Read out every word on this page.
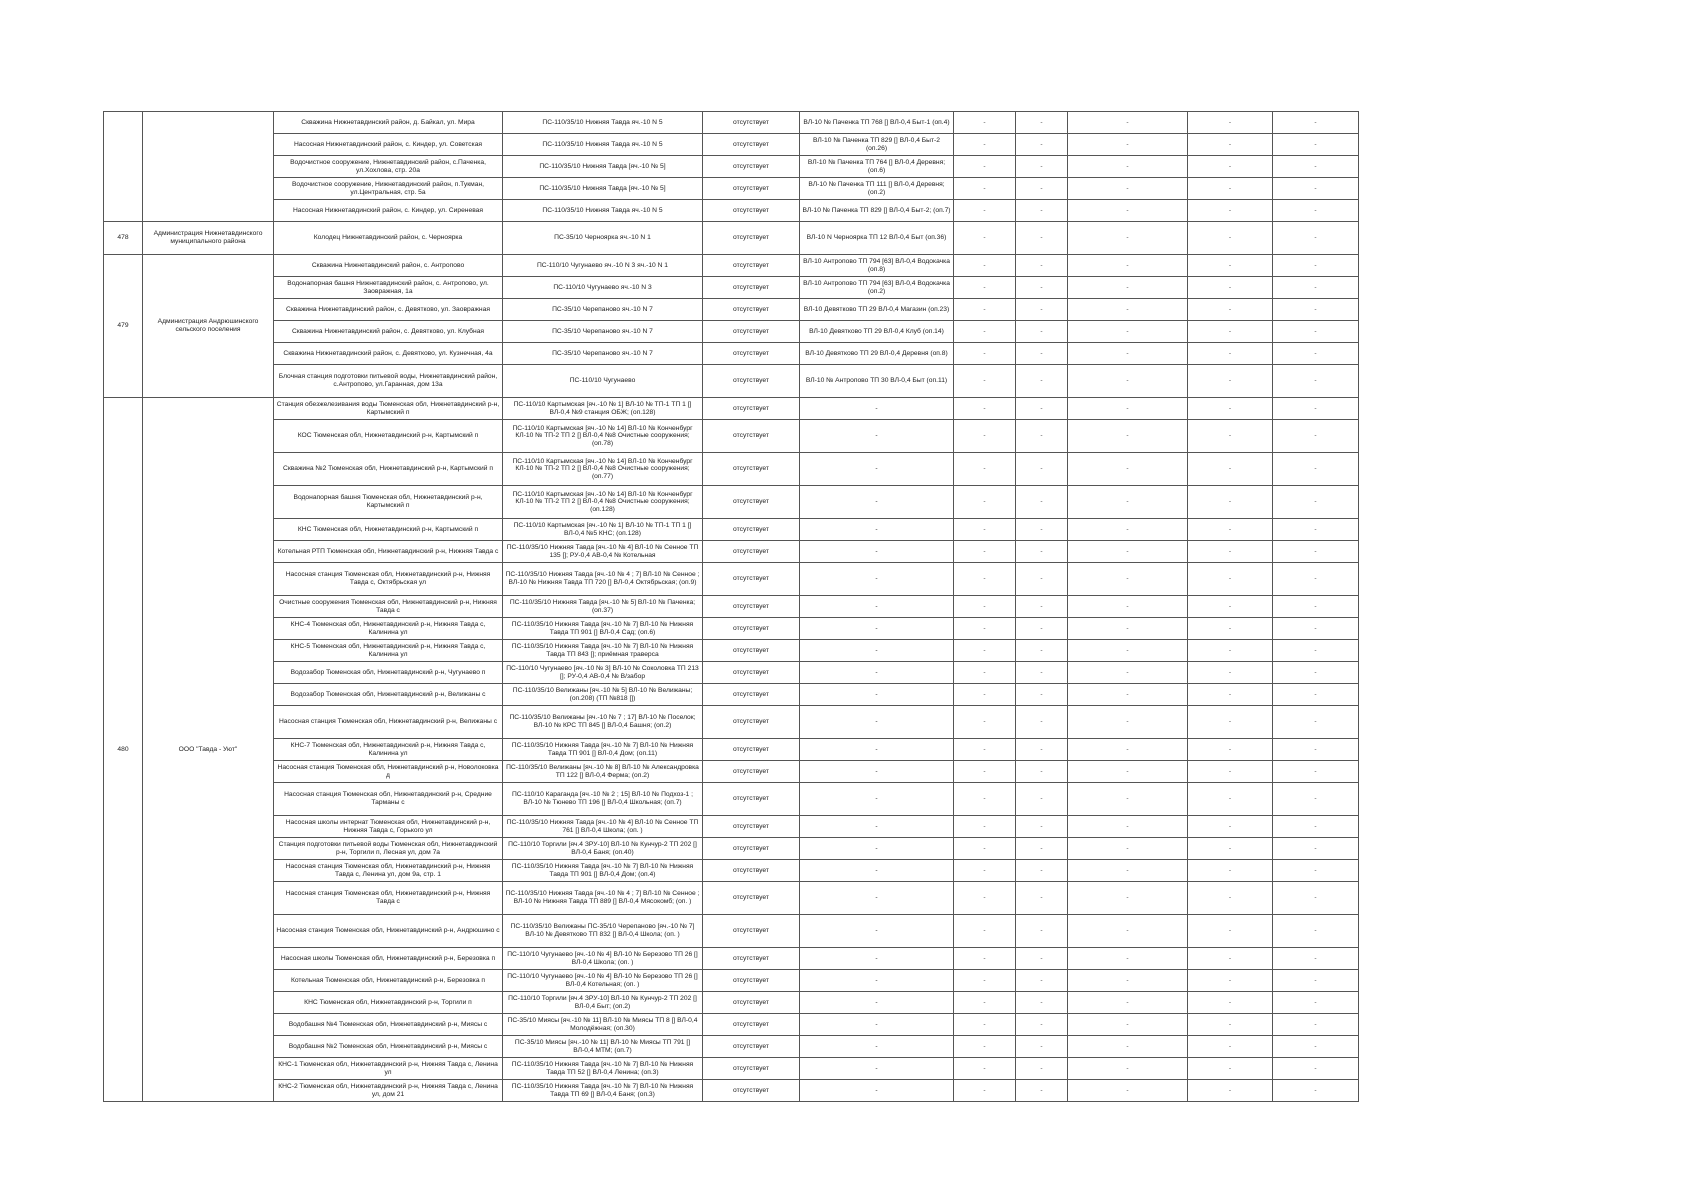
		Скважина Нижнетавдинский район, д. Байкал, ул. Мира	ПС-110/35/10 Нижняя Тавда яч.-10 N 5	отсутствует	ВЛ-10 № Паченка ТП 768 [] ВЛ-0,4 Быт-1 (оп.4)	-	-	-	-	-
		Насосная Нижнетавдинский район, с. Киндер, ул. Советская	ПС-110/35/10 Нижняя Тавда яч.-10 N 5	отсутствует	ВЛ-10 № Паченка ТП 829 [] ВЛ-0,4 Быт-2 (оп.26)	-	-	-	-	-
		Водочистное сооружение, Нижнетавдинский район, с.Паченка, ул.Хохлова, стр. 20а	ПС-110/35/10 Нижняя Тавда [яч.-10 № 5]	отсутствует	ВЛ-10 № Паченка ТП 764 [] ВЛ-0,4 Деревня; (оп.6)	-	-	-	-	-
		Водочистное сооружение, Нижнетавдинский район, п.Тукман, ул.Центральная, стр. 5а	ПС-110/35/10 Нижняя Тавда [яч.-10 № 5]	отсутствует	ВЛ-10 № Паченка ТП 111 [] ВЛ-0,4 Деревня; (оп.2)	-	-	-	-	-
		Насосная Нижнетавдинский район, с. Киндер, ул. Сиреневая	ПС-110/35/10 Нижняя Тавда яч.-10 N 5	отсутствует	ВЛ-10 № Паченка ТП 829 [] ВЛ-0,4 Быт-2; (оп.7)	-	-	-	-	-
478	Администрация Нижнетавдинского муниципального района	Колодец Нижнетавдинский район, с. Черноярка	ПС-35/10 Черноярка яч.-10 N 1	отсутствует	ВЛ-10 N Черноярка ТП 12 ВЛ-0,4 Быт (оп.36)	-	-	-	-	-
479	Администрация Андрюшинского сельского поселения	Скважина Нижнетавдинский район, с. Антропово	ПС-110/10 Чугунаево яч.-10 N 3 яч.-10 N 1	отсутствует	ВЛ-10 Антропово ТП 794 [63] ВЛ-0,4 Водокачка (оп.8)	-	-	-	-	-
		Водонапорная башня Нижнетавдинский район, с. Антропово, ул. Заовражная, 1а	ПС-110/10 Чугунаево яч.-10 N 3	отсутствует	ВЛ-10 Антропово ТП 794 [63] ВЛ-0,4 Водокачка (оп.2)	-	-	-	-	-
		Скважина Нижнетавдинский район, с. Девятково, ул. Заовражная	ПС-35/10 Черепаново яч.-10 N 7	отсутствует	ВЛ-10 Девятково ТП 29 ВЛ-0,4 Магазин (оп.23)	-	-	-	-	-
		Скважина Нижнетавдинский район, с. Девятково, ул. Клубная	ПС-35/10 Черепаново яч.-10 N 7	отсутствует	ВЛ-10 Девятково ТП 29 ВЛ-0,4 Клуб (оп.14)	-	-	-	-	-
		Скважина Нижнетавдинский район, с. Девятково, ул. Кузнечная, 4а	ПС-35/10 Черепаново яч.-10 N 7	отсутствует	ВЛ-10 Девятково ТП 29 ВЛ-0,4 Деревня (оп.8)	-	-	-	-	-
		Блочная станция подготовки питьевой воды, Нижнетавдинский район, с.Антропово, ул.Гаранная, дом 13а	ПС-110/10 Чугунаево	отсутствует	ВЛ-10 № Антропово ТП 30 ВЛ-0,4 Быт (оп.11)	-	-	-	-	-
480	ООО "Тавда - Уют"	Станция обезжелезивания воды Тюменская обл, Нижнетавдинский р-н, Картымский п	ПС-110/10 Картымская [яч.-10 № 1] ВЛ-10 № ТП-1 ТП 1 [] ВЛ-0,4 №9 станция ОБЖ; (оп.128)	отсутствует	-	-	-	-	-	-
		КОС Тюменская обл, Нижнетавдинский р-н, Картымский п	ПС-110/10 Картымская [яч.-10 № 14] ВЛ-10 № Конченбург КЛ-10 № ТП-2 ТП 2 [] ВЛ-0,4 №8 Очистные сооружения; (оп.78)	отсутствует	-	-	-	-	-	-
		Скважина №2 Тюменская обл, Нижнетавдинский р-н, Картымский п	ПС-110/10 Картымская [яч.-10 № 14] ВЛ-10 № Конченбург КЛ-10 № ТП-2 ТП 2 [] ВЛ-0,4 №8 Очистные сооружения; (оп.77)	отсутствует	-	-	-	-	-	-
		Водонапорная башня Тюменская обл, Нижнетавдинский р-н, Картымский п	ПС-110/10 Картымская [яч.-10 № 14] ВЛ-10 № Конченбург КЛ-10 № ТП-2 ТП 2 [] ВЛ-0,4 №8 Очистные сооружения; (оп.128)	отсутствует	-	-	-	-	-	-
		КНС Тюменская обл, Нижнетавдинский р-н, Картымский п	ПС-110/10 Картымская [яч.-10 № 1] ВЛ-10 № ТП-1 ТП 1 [] ВЛ-0,4 №5 КНС; (оп.128)	отсутствует	-	-	-	-	-	-
		Котельная РТП Тюменская обл, Нижнетавдинский р-н, Нижняя Тавда с	ПС-110/35/10 Нижняя Тавда [яч.-10 № 4] ВЛ-10 № Сенное ТП 135 []; РУ-0,4 АВ-0,4 № Котельная	отсутствует	-	-	-	-	-	-
		Насосная станция Тюменская обл, Нижнетавдинский р-н, Нижняя Тавда с, Октябрьская ул	ПС-110/35/10 Нижняя Тавда [яч.-10 № 4 ; 7] ВЛ-10 № Сенное ; ВЛ-10 № Нижняя Тавда ТП 720 [] ВЛ-0,4 Октябрьская; (оп.9)	отсутствует	-	-	-	-	-	-
		Очистные сооружения Тюменская обл, Нижнетавдинский р-н, Нижняя Тавда с	ПС-110/35/10 Нижняя Тавда [яч.-10 № 5] ВЛ-10 № Паченка; (оп.37)	отсутствует	-	-	-	-	-	-
		КНС-4 Тюменская обл, Нижнетавдинский р-н, Нижняя Тавда с, Калинина ул	ПС-110/35/10 Нижняя Тавда [яч.-10 № 7] ВЛ-10 № Нижняя Тавда ТП 901 [] ВЛ-0,4 Сад; (оп.6)	отсутствует	-	-	-	-	-	-
		КНС-5 Тюменская обл, Нижнетавдинский р-н, Нижняя Тавда с, Калинина ул	ПС-110/35/10 Нижняя Тавда [яч.-10 № 7] ВЛ-10 № Нижняя Тавда ТП 843 []; приёмная траверса	отсутствует	-	-	-	-	-	-
		Водозабор Тюменская обл, Нижнетавдинский р-н, Чугунаево п	ПС-110/10 Чугунаево [яч.-10 № 3] ВЛ-10 № Соколовка ТП 213 []; РУ-0,4 АВ-0,4 № В/забор	отсутствует	-	-	-	-	-	-
		Водозабор Тюменская обл, Нижнетавдинский р-н, Велижаны с	ПС-110/35/10 Велижаны [яч.-10 № 5] ВЛ-10 № Велижаны; (оп.208) (ТП №818 [])	отсутствует	-	-	-	-	-	-
		Насосная станция Тюменская обл, Нижнетавдинский р-н, Велижаны с	ПС-110/35/10 Велижаны [яч.-10 № 7 ; 17] ВЛ-10 № Поселок; ВЛ-10 № КРС ТП 845 [] ВЛ-0,4 Башня; (оп.2)	отсутствует	-	-	-	-	-	-
		КНС-7 Тюменская обл, Нижнетавдинский р-н, Нижняя Тавда с, Калинина ул	ПС-110/35/10 Нижняя Тавда [яч.-10 № 7] ВЛ-10 № Нижняя Тавда ТП 901 [] ВЛ-0,4 Дом; (оп.11)	отсутствует	-	-	-	-	-	-
		Насосная станция Тюменская обл, Нижнетавдинский р-н, Новолоковка д	ПС-110/35/10 Велижаны [яч.-10 № 8] ВЛ-10 № Александровка ТП 122 [] ВЛ-0,4 Ферма; (оп.2)	отсутствует	-	-	-	-	-	-
		Насосная станция Тюменская обл, Нижнетавдинский р-н, Средние Тарманы с	ПС-110/10 Караганда [яч.-10 № 2 ; 15] ВЛ-10 № Подхоз-1 ; ВЛ-10 № Тюнево ТП 196 [] ВЛ-0,4 Школьная; (оп.7)	отсутствует	-	-	-	-	-	-
		Насосная школы интернат Тюменская обл, Нижнетавдинский р-н, Нижняя Тавда с, Горького ул	ПС-110/35/10 Нижняя Тавда [яч.-10 № 4] ВЛ-10 № Сенное ТП 761 [] ВЛ-0,4 Школа; (оп. )	отсутствует	-	-	-	-	-	-
		Станция подготовки питьевой воды Тюменская обл, Нижнетавдинский р-н, Торгили п, Лесная ул, дом 7а	ПС-110/10 Торгили [яч.4 ЗРУ-10] ВЛ-10 № Кунчур-2 ТП 202 [] ВЛ-0,4 Баня; (оп.40)	отсутствует	-	-	-	-	-	-
		Насосная станция Тюменская обл, Нижнетавдинский р-н, Нижняя Тавда с, Ленина ул, дом 9а, стр. 1	ПС-110/35/10 Нижняя Тавда [яч.-10 № 7] ВЛ-10 № Нижняя Тавда ТП 901 [] ВЛ-0,4 Дом; (оп.4)	отсутствует	-	-	-	-	-	-
		Насосная станция Тюменская обл, Нижнетавдинский р-н, Нижняя Тавда с	ПС-110/35/10 Нижняя Тавда [яч.-10 № 4 ; 7] ВЛ-10 № Сенное ; ВЛ-10 № Нижняя Тавда ТП 889 [] ВЛ-0,4 Мясокомб; (оп. )	отсутствует	-	-	-	-	-	-
		Насосная станция Тюменская обл, Нижнетавдинский р-н, Андрюшино с	ПС-110/35/10 Велижаны ПС-35/10 Черепаново [яч.-10 № 7] ВЛ-10 № Девятково ТП 832 [] ВЛ-0,4 Школа; (оп. )	отсутствует	-	-	-	-	-	-
		Насосная школы Тюменская обл, Нижнетавдинский р-н, Березовка п	ПС-110/10 Чугунаево [яч.-10 № 4] ВЛ-10 № Березово ТП 26 [] ВЛ-0,4 Школа; (оп. )	отсутствует	-	-	-	-	-	-
		Котельная Тюменская обл, Нижнетавдинский р-н, Березовка п	ПС-110/10 Чугунаево [яч.-10 № 4] ВЛ-10 № Березово ТП 26 [] ВЛ-0,4 Котельная; (оп. )	отсутствует	-	-	-	-	-	-
		КНС Тюменская обл, Нижнетавдинский р-н, Торгили п	ПС-110/10 Торгили [яч.4 ЗРУ-10] ВЛ-10 № Кунчур-2 ТП 202 [] ВЛ-0,4 Быт; (оп.2)	отсутствует	-	-	-	-	-	-
		Водобашня №4 Тюменская обл, Нижнетавдинский р-н, Миясы с	ПС-35/10 Миясы [яч.-10 № 11] ВЛ-10 № Миясы ТП 8 [] ВЛ-0,4 Молодёжная; (оп.30)	отсутствует	-	-	-	-	-	-
		Водобашня №2 Тюменская обл, Нижнетавдинский р-н, Миясы с	ПС-35/10 Миясы [яч.-10 № 11] ВЛ-10 № Миясы ТП 791 [] ВЛ-0,4 МТМ; (оп.7)	отсутствует	-	-	-	-	-	-
		КНС-1 Тюменская обл, Нижнетавдинский р-н, Нижняя Тавда с, Ленина ул	ПС-110/35/10 Нижняя Тавда [яч.-10 № 7] ВЛ-10 № Нижняя Тавда ТП 52 [] ВЛ-0,4 Ленина; (оп.3)	отсутствует	-	-	-	-	-	-
		КНС-2 Тюменская обл, Нижнетавдинский р-н, Нижняя Тавда с, Ленина ул, дом 21	ПС-110/35/10 Нижняя Тавда [яч.-10 № 7] ВЛ-10 № Нижняя Тавда ТП 69 [] ВЛ-0,4 Баня; (оп.3)	отсутствует	-	-	-	-	-	-
